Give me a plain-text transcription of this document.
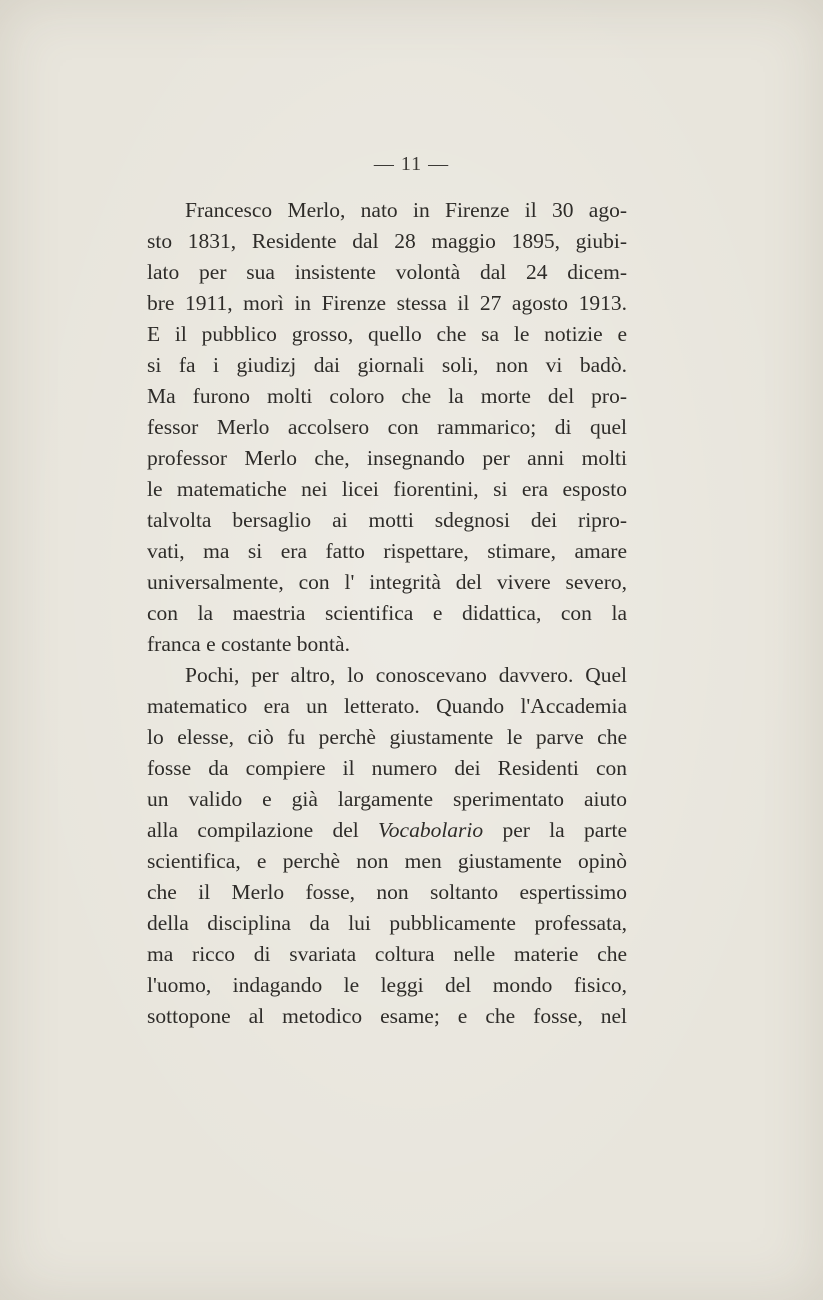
— 11 —
Francesco Merlo, nato in Firenze il 30 ago-
sto 1831, Residente dal 28 maggio 1895, giubi-
lato per sua insistente volontà dal 24 dicem-
bre 1911, morì in Firenze stessa il 27 agosto 1913.
E il pubblico grosso, quello che sa le notizie e
si fa i giudizj dai giornali soli, non vi badò.
Ma furono molti coloro che la morte del pro-
fessor Merlo accolsero con rammarico; di quel
professor Merlo che, insegnando per anni molti
le matematiche nei licei fiorentini, si era esposto
talvolta bersaglio ai motti sdegnosi dei ripro-
vati, ma si era fatto rispettare, stimare, amare
universalmente, con l' integrità del vivere severo,
con la maestria scientifica e didattica, con la
franca e costante bontà.
Pochi, per altro, lo conoscevano davvero. Quel
matematico era un letterato. Quando l'Accademia
lo elesse, ciò fu perchè giustamente le parve che
fosse da compiere il numero dei Residenti con
un valido e già largamente sperimentato aiuto
alla compilazione del Vocabolario per la parte
scientifica, e perchè non men giustamente opinò
che il Merlo fosse, non soltanto espertissimo
della disciplina da lui pubblicamente professata,
ma ricco di svariata coltura nelle materie che
l'uomo, indagando le leggi del mondo fisico,
sottopone al metodico esame; e che fosse, nel
